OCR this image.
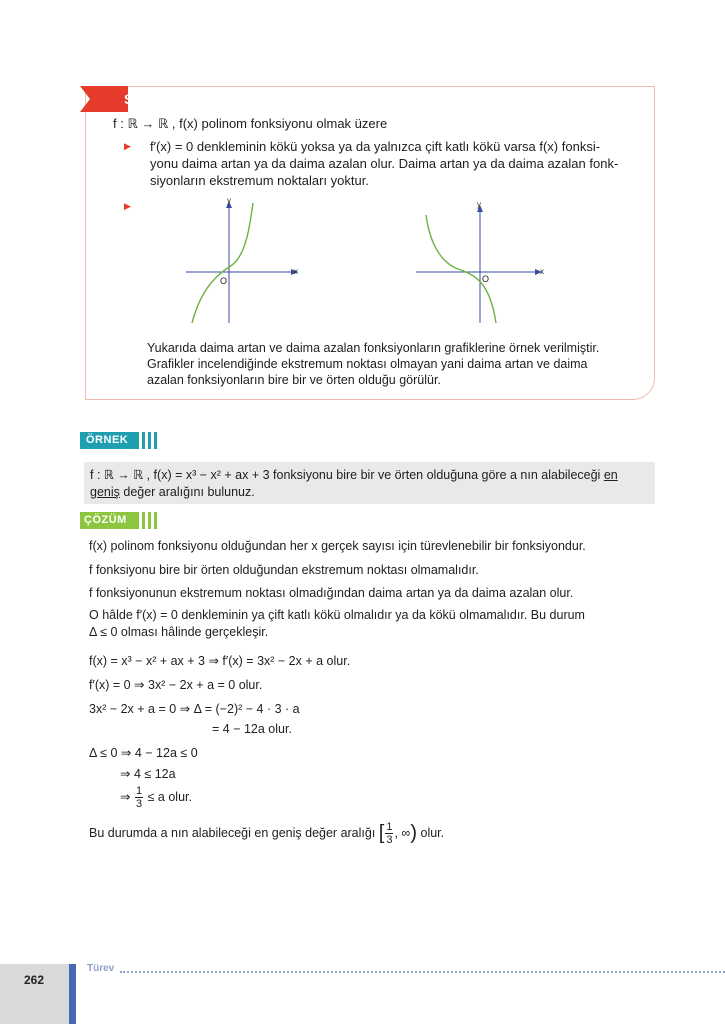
SONUÇ
f : ℝ → ℝ , f(x) polinom fonksiyonu olmak üzere
▶ f′(x) = 0 denkleminin kökü yoksa ya da yalnızca çift katlı kökü varsa f(x) fonksi-
yonu daima artan ya da daima azalan olur. Daima artan ya da daima azalan fonk-
siyonların ekstremum noktaları yoktur.
▶
y
x
O
y
x
O
Yukarıda daima artan ve daima azalan fonksiyonların grafiklerine örnek verilmiştir.
Grafikler incelendiğinde ekstremum noktası olmayan yani daima artan ve daima
azalan fonksiyonların bire bir ve örten olduğu görülür.
ÖRNEK
f : ℝ → ℝ , f(x) = x³ − x² + ax + 3 fonksiyonu bire bir ve örten olduğuna göre a nın alabileceği en
geniş değer aralığını bulunuz.
ÇÖZÜM
f(x) polinom fonksiyonu olduğundan her x gerçek sayısı için türevlenebilir bir fonksiyondur.
f fonksiyonu bire bir örten olduğundan ekstremum noktası olmamalıdır.
f fonksiyonunun ekstremum noktası olmadığından daima artan ya da daima azalan olur.
O hâlde f′(x) = 0 denkleminin ya çift katlı kökü olmalıdır ya da kökü olmamalıdır. Bu durum
Δ ≤ 0 olması hâlinde gerçekleşir.
f(x) = x³ − x² + ax + 3 ⇒ f′(x) = 3x² − 2x + a olur.
f′(x) = 0 ⇒ 3x² − 2x + a = 0 olur.
3x² − 2x + a = 0 ⇒ Δ = (−2)² − 4 · 3 · a
= 4 − 12a olur.
Δ ≤ 0 ⇒ 4 − 12a ≤ 0
⇒ 4 ≤ 12a
⇒ $\frac{1}{3} \le a$ olur.
Bu durumda a nın alabileceği en geniş değer aralığı [ $\frac{1}{3}$ , ∞) olur.
262
Türev
